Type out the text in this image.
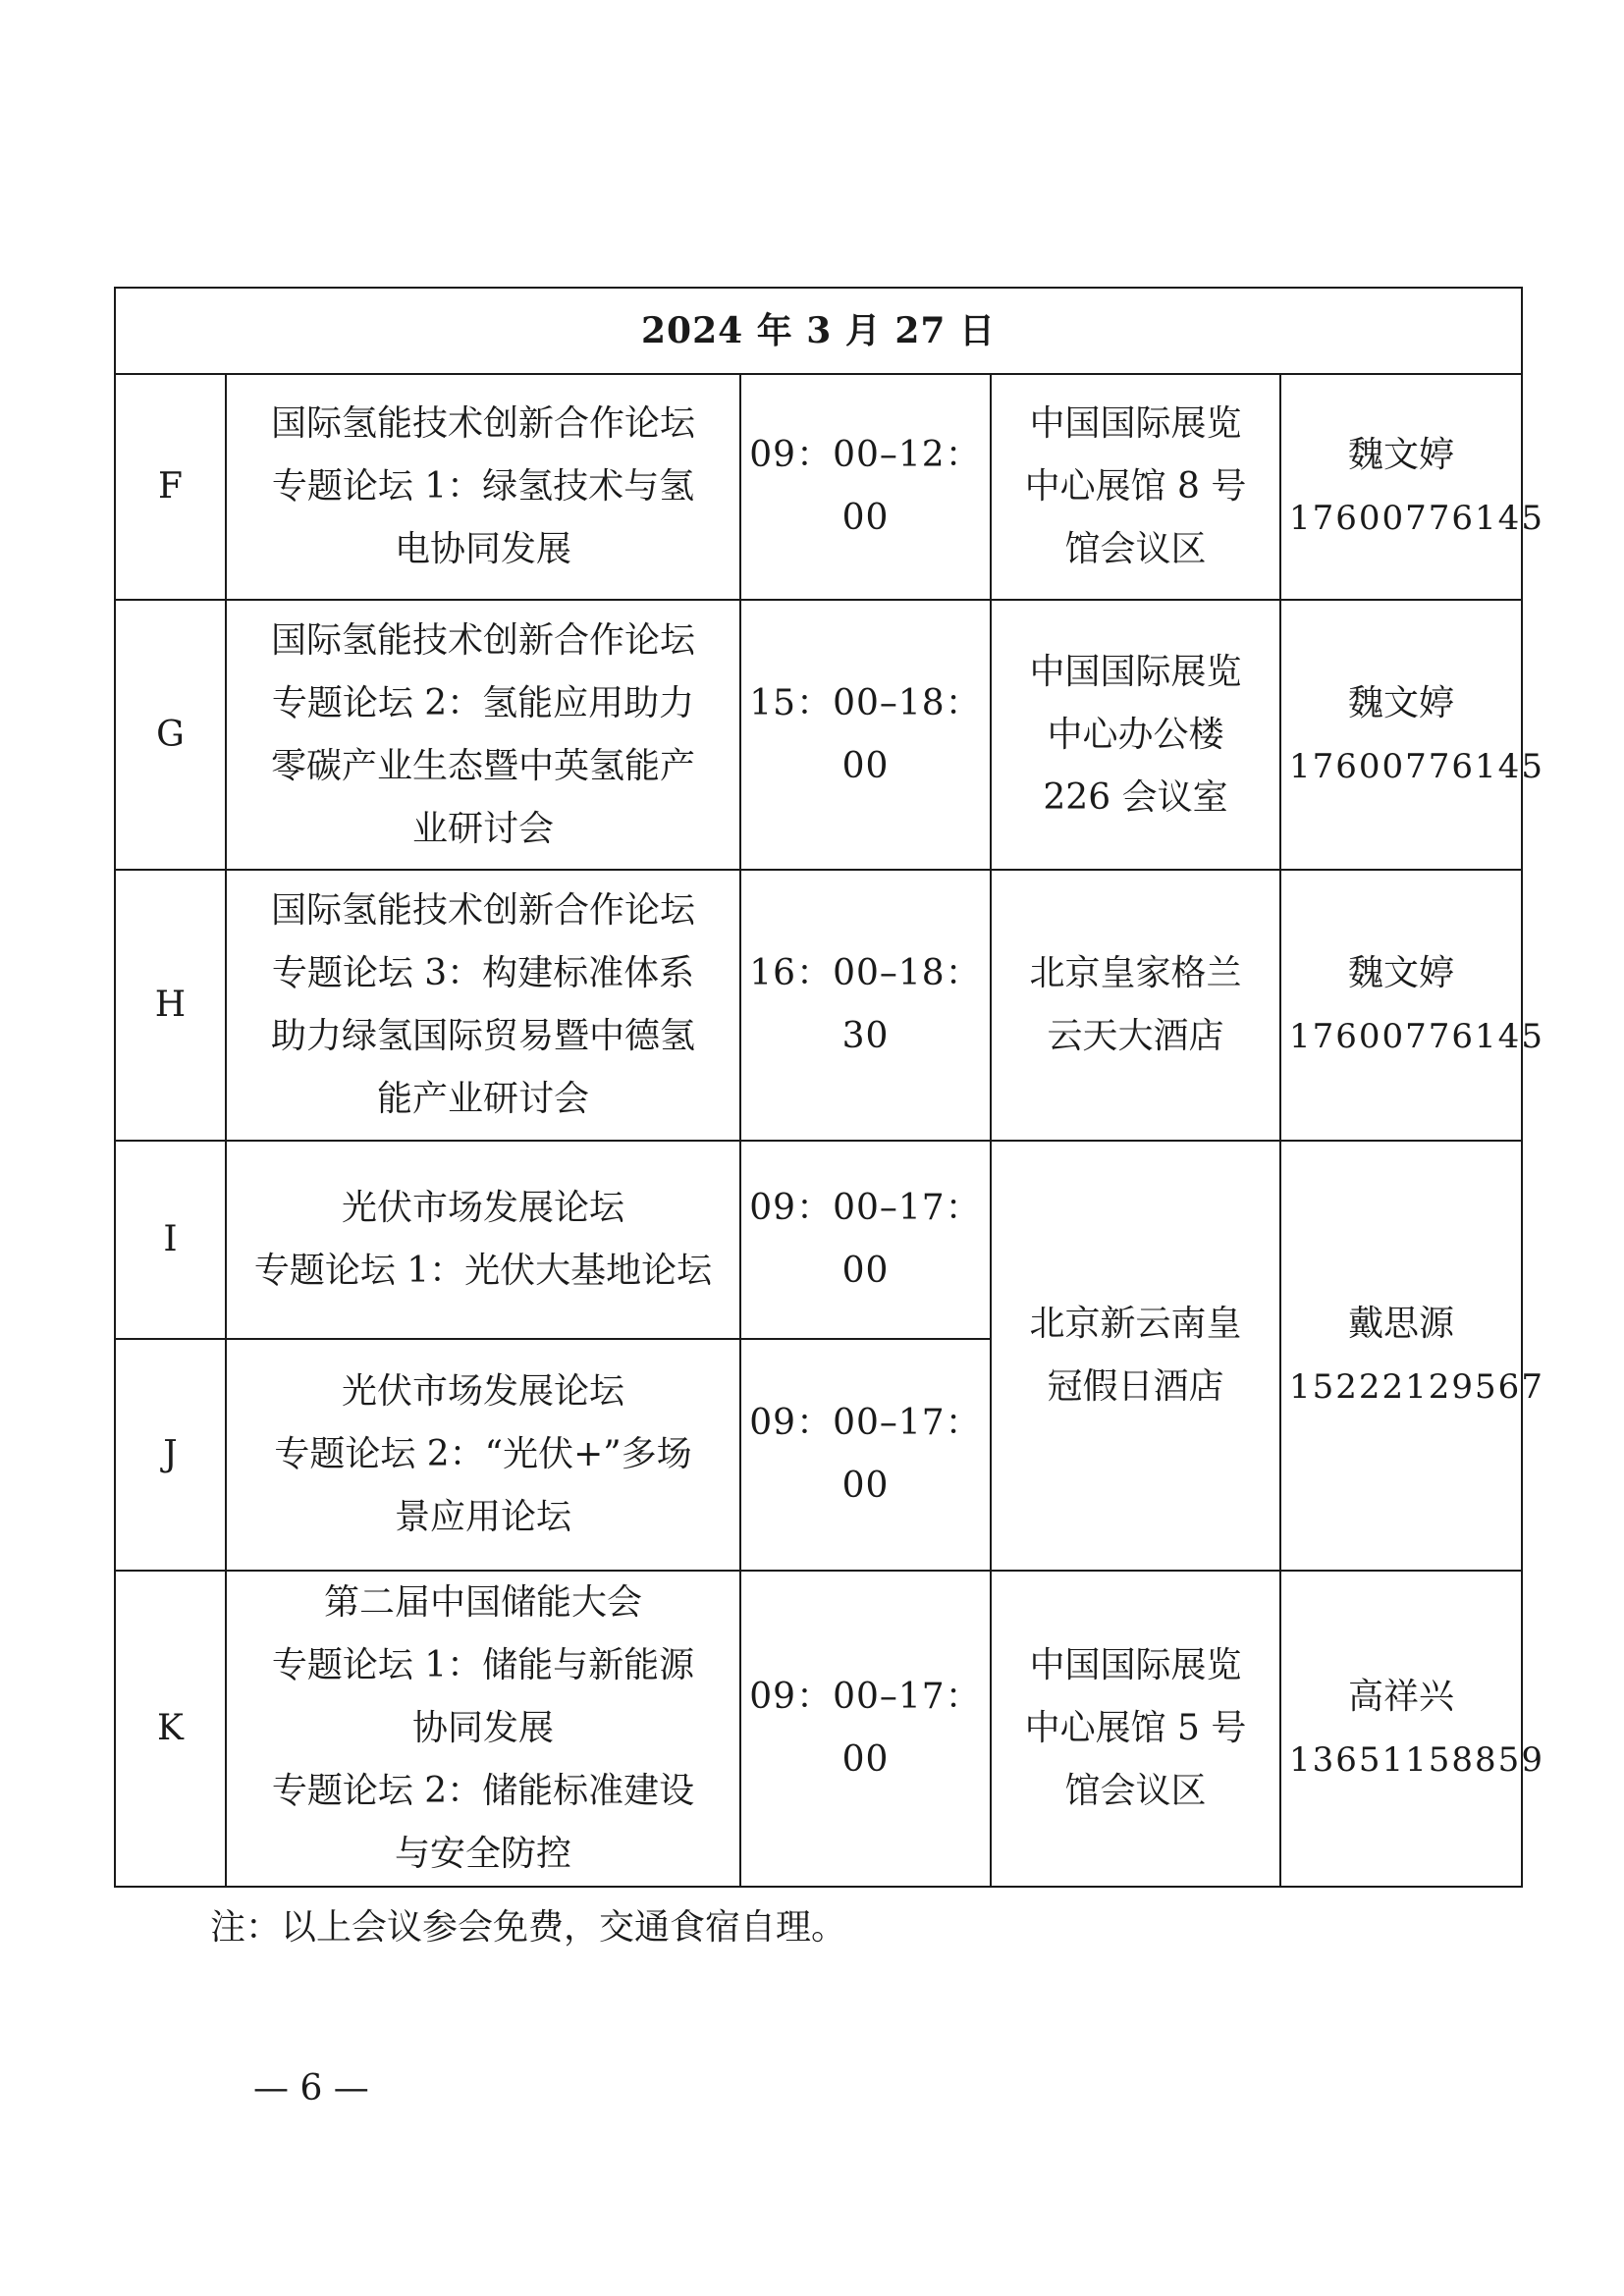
2024 年 3 月 27 日				
F	国际氢能技术创新合作论坛
专题论坛 1：绿氢技术与氢
电协同发展	09：00–12：00	中国国际展览
中心展馆 8 号
馆会议区	魏文婷
17600776145

G	国际氢能技术创新合作论坛
专题论坛 2：氢能应用助力
零碳产业生态暨中英氢能产
业研讨会	15：00–18：00	中国国际展览
中心办公楼
226 会议室	魏文婷
17600776145

H	国际氢能技术创新合作论坛
专题论坛 3：构建标准体系
助力绿氢国际贸易暨中德氢
能产业研讨会	16：00–18：30	北京皇家格兰
云天大酒店	魏文婷
17600776145

I	光伏市场发展论坛
专题论坛 1：光伏大基地论坛	09：00–17：00	北京新云南皇
冠假日酒店	戴思源
15222129567

J	光伏市场发展论坛
专题论坛 2：“光伏+”多场
景应用论坛	09：00–17：00		
K	第二届中国储能大会
专题论坛 1：储能与新能源
协同发展
专题论坛 2：储能标准建设
与安全防控	09：00–17：00	中国国际展览
中心展馆 5 号
馆会议区	高祥兴
13651158859
注：以上会议参会免费，交通食宿自理。
— 6 —
